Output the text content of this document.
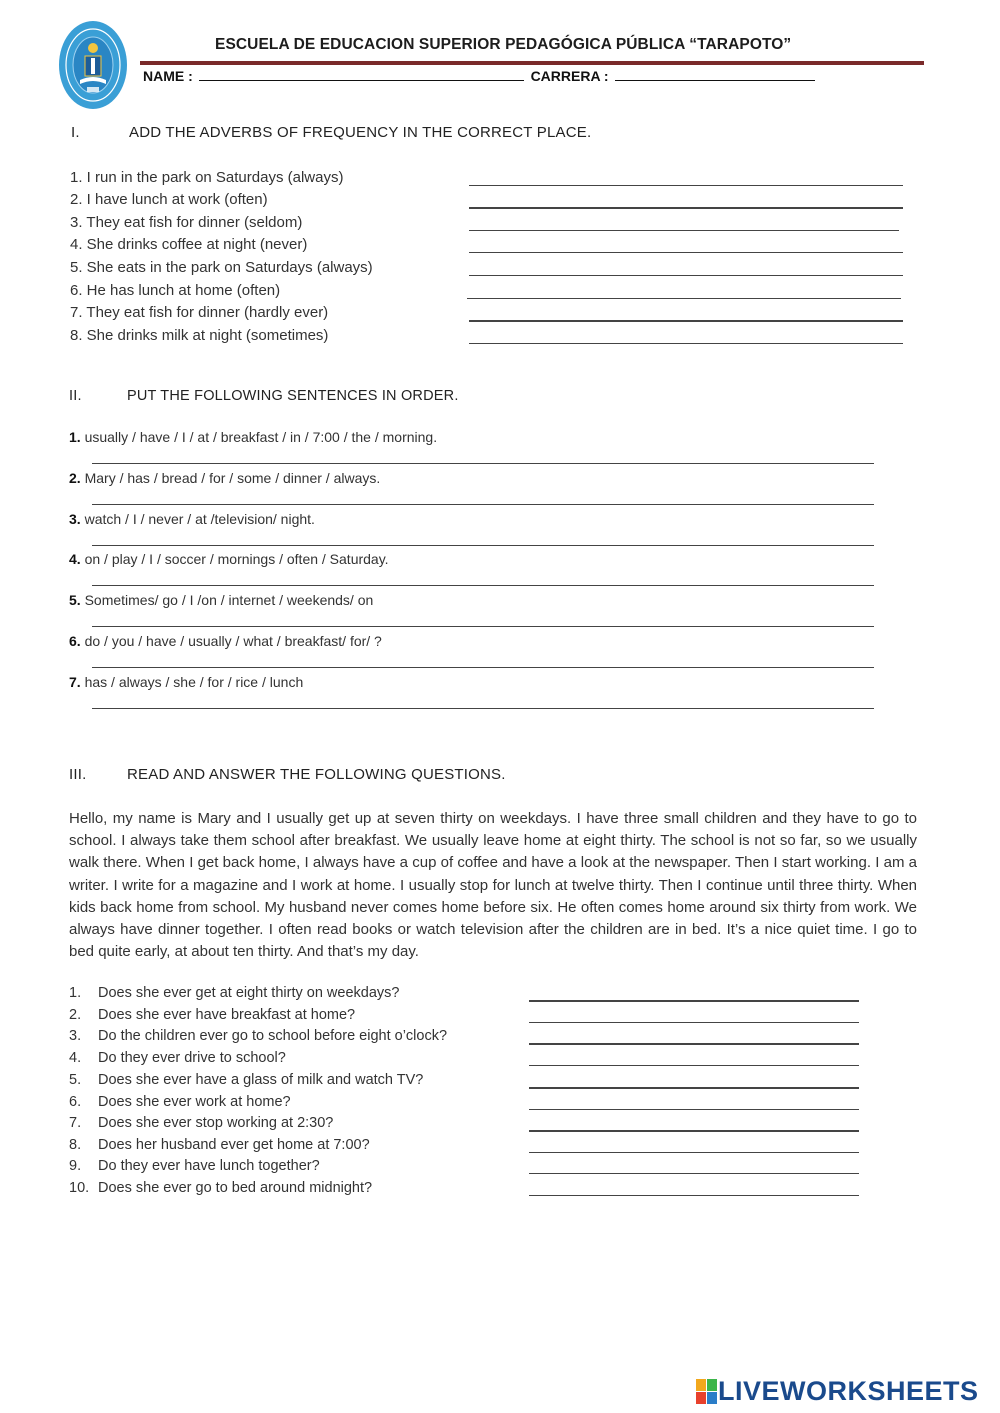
ESCUELA DE EDUCACION SUPERIOR PEDAGÓGICA PÚBLICA “TARAPOTO”
NAME :	CARRERA :
I.	ADD THE ADVERBS OF FREQUENCY IN THE CORRECT PLACE.
1. I run in the park on Saturdays (always)
2. I have lunch at work (often)
3. They eat fish for dinner (seldom)
4. She drinks coffee at night (never)
5. She eats in the park on Saturdays (always)
6. He has lunch at home (often)
7. They eat fish for dinner (hardly ever)
8. She drinks milk at night (sometimes)
II.	PUT THE FOLLOWING SENTENCES IN ORDER.
1. usually / have / I / at / breakfast / in / 7:00 / the / morning.
2. Mary / has / bread / for / some / dinner / always.
3. watch / I / never / at /television/ night.
4. on / play / I / soccer / mornings / often / Saturday.
5. Sometimes/ go / I /on / internet / weekends/ on
6. do / you / have / usually / what / breakfast/ for/ ?
7. has / always / she / for / rice / lunch
III.	READ AND ANSWER THE FOLLOWING QUESTIONS.
Hello, my name is Mary and I usually get up at seven thirty on weekdays. I have three small children and they have to go to school. I always take them school after breakfast. We usually leave home at eight thirty. The school is not so far, so we usually walk there. When I get back home, I always have a cup of coffee and have a look at the newspaper. Then I start working. I am a writer. I write for a magazine and I work at home. I usually stop for lunch at twelve thirty. Then I continue until three thirty. When kids back home from school. My husband never comes home before six. He often comes home around six thirty from work. We always have dinner together. I often read books or watch television after the children are in bed. It’s a nice quiet time. I go to bed quite early, at about ten thirty. And that’s my day.
1. Does she ever get at eight thirty on weekdays?
2. Does she ever have breakfast at home?
3. Do the children ever go to school before eight o’clock?
4. Do they ever drive to school?
5. Does she ever have a glass of milk and watch TV?
6. Does she ever work at home?
7. Does she ever stop working at 2:30?
8. Does her husband ever get home at 7:00?
9. Do they ever have lunch together?
10. Does she ever go to bed around midnight?
LIVEWORKSHEETS
